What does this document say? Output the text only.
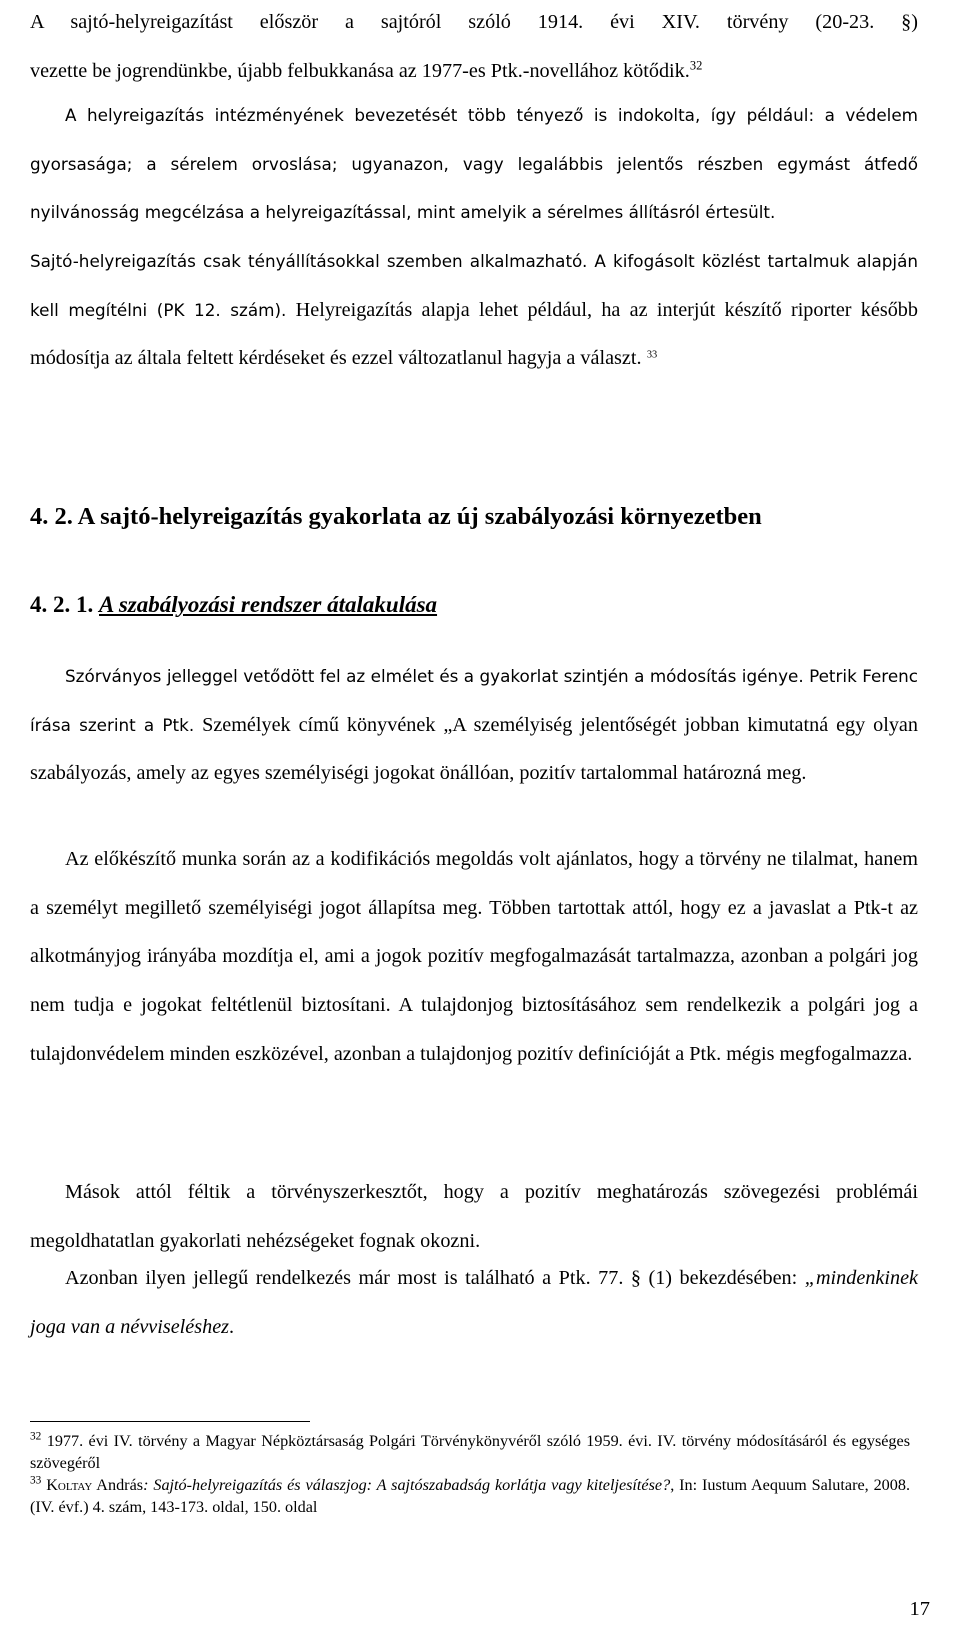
A sajtó-helyreigazítást először a sajtóról szóló 1914. évi XIV. törvény (20-23. §)
vezette be jogrendünkbe, újabb felbukkanása az 1977-es Ptk.-novellához kötődik.$^{32}$

A helyreigazítás intézményének bevezetését több tényező is indokolta, így például: a védelem gyorsasága; a sérelem orvoslása; ugyanazon, vagy legalábbis jelentős részben egymást átfedő nyilvánosság megcélzása a helyreigazítással, mint amelyik a sérelmes állításról értesült.

Sajtó-helyreigazítás csak tényállításokkal szemben alkalmazható. A kifogásolt közlést tartalmuk alapján kell megítélni (PK 12. szám). Helyreigazítás alapja lehet például, ha az interjút készítő riporter később módosítja az általa feltett kérdéseket és ezzel változatlanul hagyja a választ. $^{33}$

4. 2. A sajtó-helyreigazítás gyakorlata az új szabályozási környezetben
4. 2. 1. A szabályozási rendszer átalakulása

Szórványos jelleggel vetődött fel az elmélet és a gyakorlat szintjén a módosítás igénye. Petrik Ferenc írása szerint a Ptk. Személyek című könyvének „A személyiség jelentőségét jobban kimutatná egy olyan szabályozás, amely az egyes személyiségi jogokat önállóan, pozitív tartalommal határozná meg.

Az előkészítő munka során az a kodifikációs megoldás volt ajánlatos, hogy a törvény ne tilalmat, hanem a személyt megillető személyiségi jogot állapítsa meg. Többen tartottak attól, hogy ez a javaslat a Ptk-t az alkotmányjog irányába mozdítja el, ami a jogok pozitív megfogalmazását tartalmazza, azonban a polgári jog nem tudja e jogokat feltétlenül biztosítani. A tulajdonjog biztosításához sem rendelkezik a polgári jog a tulajdonvédelem minden eszközével, azonban a tulajdonjog pozitív definícióját a Ptk. mégis megfogalmazza.

Mások attól féltik a törvényszerkesztőt, hogy a pozitív meghatározás szövegezési problémái megoldhatatlan gyakorlati nehézségeket fognak okozni.

Azonban ilyen jellegű rendelkezés már most is található a Ptk. 77. § (1) bekezdésében: „mindenkinek joga van a névviseléshez.

$^{32}$ 1977. évi IV. törvény a Magyar Népköztársaság Polgári Törvénykönyvéről szóló 1959. évi. IV. törvény módosításáról és egységes szövegéről

$^{33}$ Koltay András: Sajtó-helyreigazítás és válaszjog: A sajtószabadság korlátja vagy kiteljesítése?, In: Iustum Aequum Salutare, 2008. (IV. évf.) 4. szám, 143-173. oldal, 150. oldal

17
